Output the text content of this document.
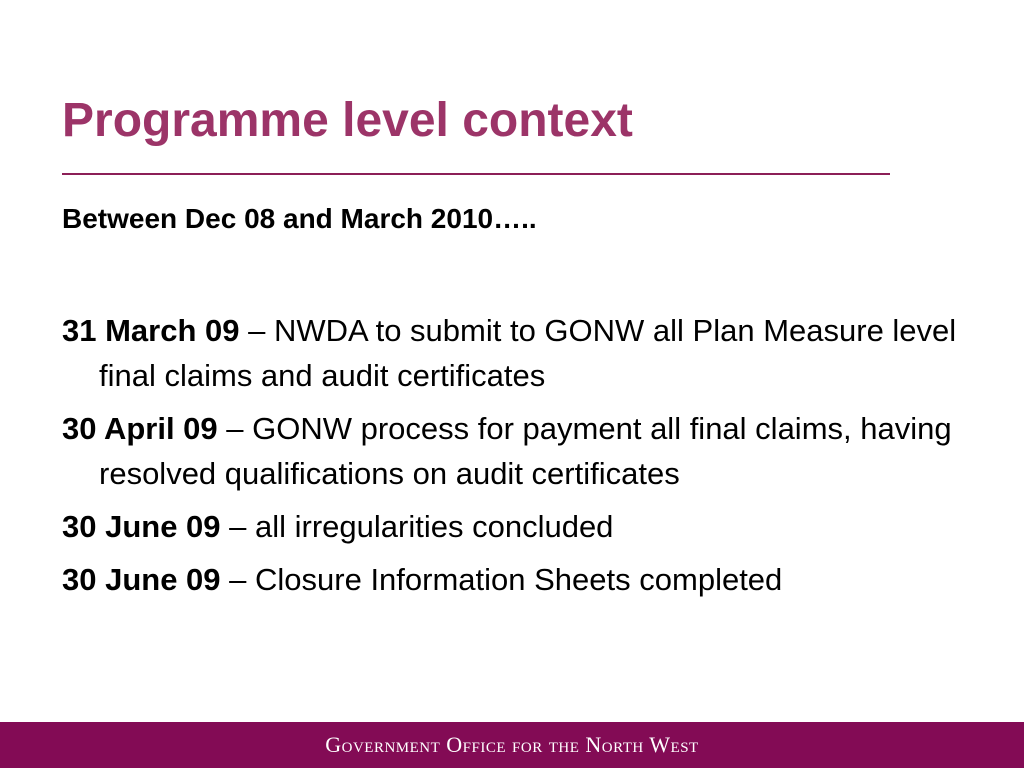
Programme level context

Between Dec 08 and March 2010…..

31 March 09 – NWDA to submit to GONW all Plan Measure level final claims and audit certificates
30 April 09 – GONW process for payment all final claims, having resolved qualifications on audit certificates
30 June 09 – all irregularities concluded
30 June 09 – Closure Information Sheets completed
Government Office for the North West
